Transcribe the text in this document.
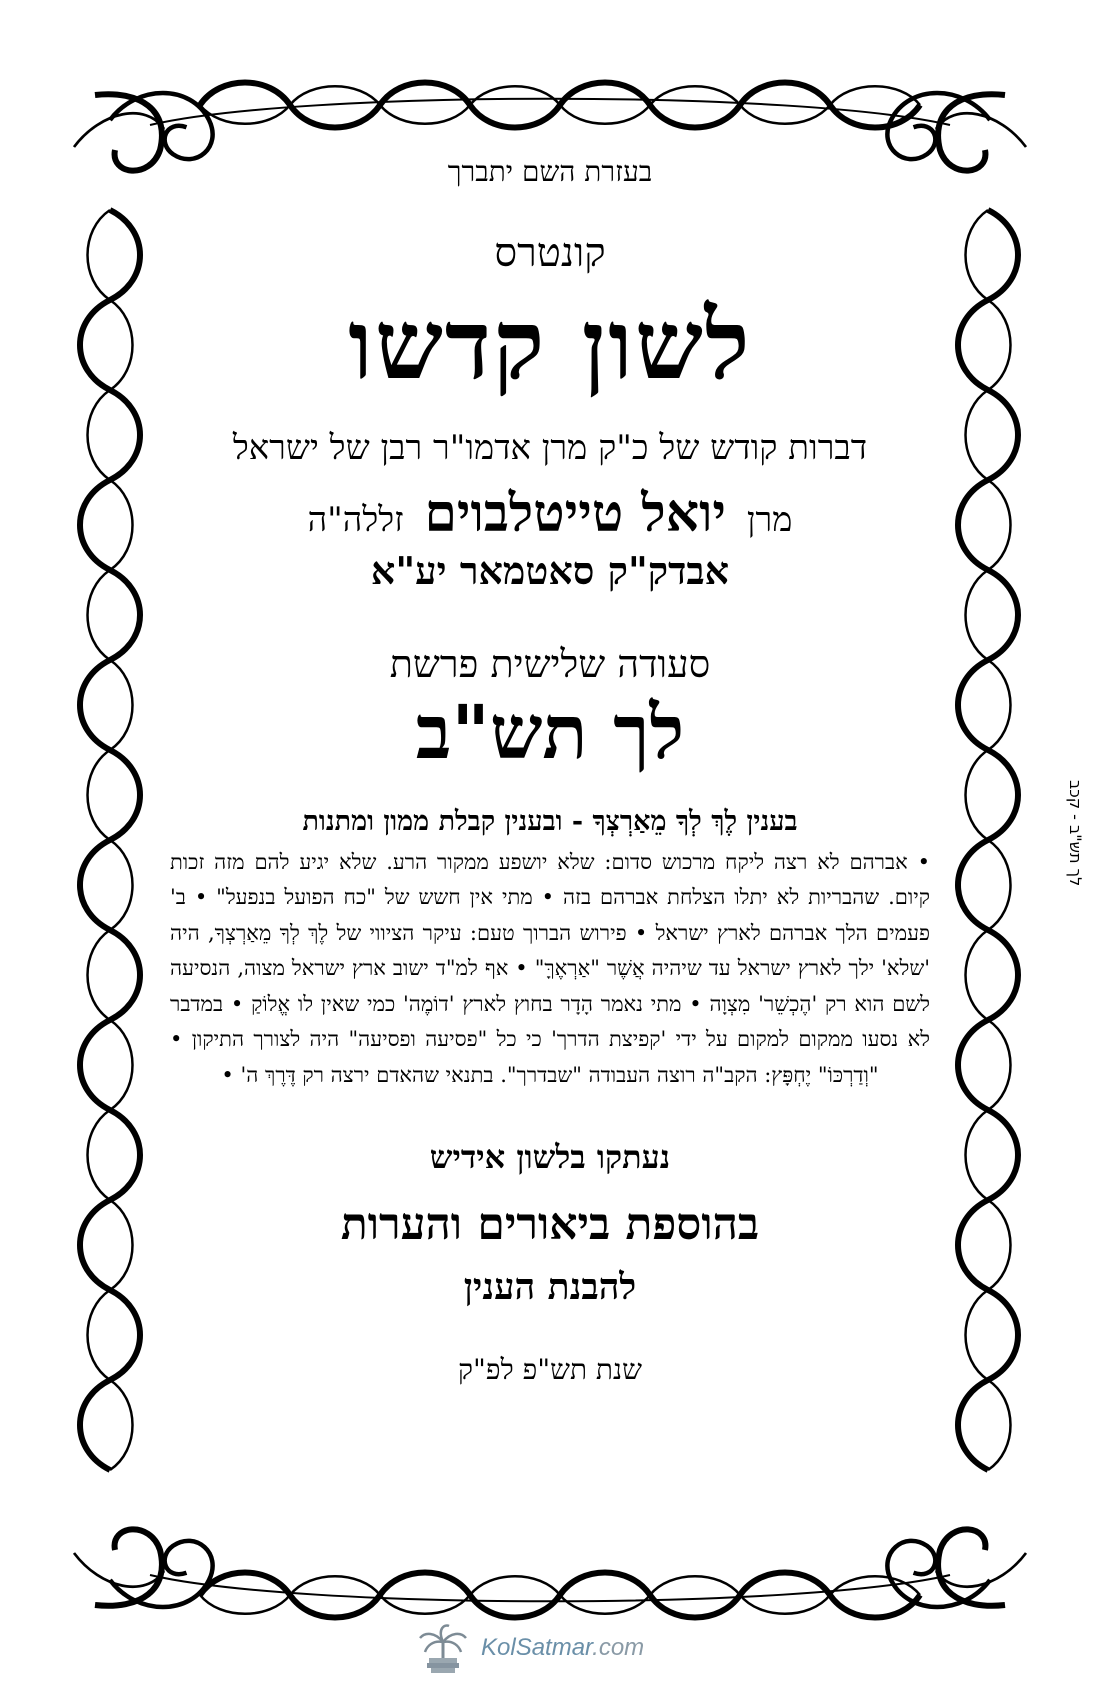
בעזרת השם יתברך

קונטרס

לשון קדשו

דברות קודש של כ"ק מרן אדמו"ר רבן של ישראל

מרן יואל טייטלבוים זללה"ה

אבדק"ק סאטמאר יע"א

סעודה שלישית פרשת

לך תש"ב

בענין לֶךְ לְךָ מֵאַרְצְךָ - ובענין קבלת ממון ומתנות

• אברהם לא רצה ליקח מרכוש סדום: שלא יושפע ממקור הרע. שלא יגיע להם מזה זכות קיום. שהבריות לא יתלו הצלחת אברהם בזה • מתי אין חשש של "כח הפועל בנפעל" • ב' פעמים הלך אברהם לארץ ישראל • פירוש הברוך טעם: עיקר הציווי של לֶךְ לְךָ מֵאַרְצְךָ, היה 'שלא' ילך לארץ ישראל עד שיהיה אֲשֶׁר "אַרְאֶךָּ" • אף למ"ד ישוב ארץ ישראל מצוה, הנסיעה לשם הוא רק 'הֶכְשֵׁר' מִצְוָה • מתי נאמר הָדָר בחוץ לארץ 'דוֹמֶה' כמי שאין לו אֱלוֹקַ • במדבר לא נסעו ממקום למקום על ידי 'קפיצת הדרך' כי כל "פסיעה ופסיעה" היה לצורך התיקון • "וְדַרְכּוֹ" יֶחְפָּץ: הקב"ה רוצה העבודה "שבדרך". בתנאי שהאדם ירצה רק דֶּרֶךְ ה' •

נעתקו בלשון אידיש

בהוספת ביאורים והערות

להבנת הענין

שנת תש"פ לפ"ק

לך תש"ב - קכב
KolSatmar.com
